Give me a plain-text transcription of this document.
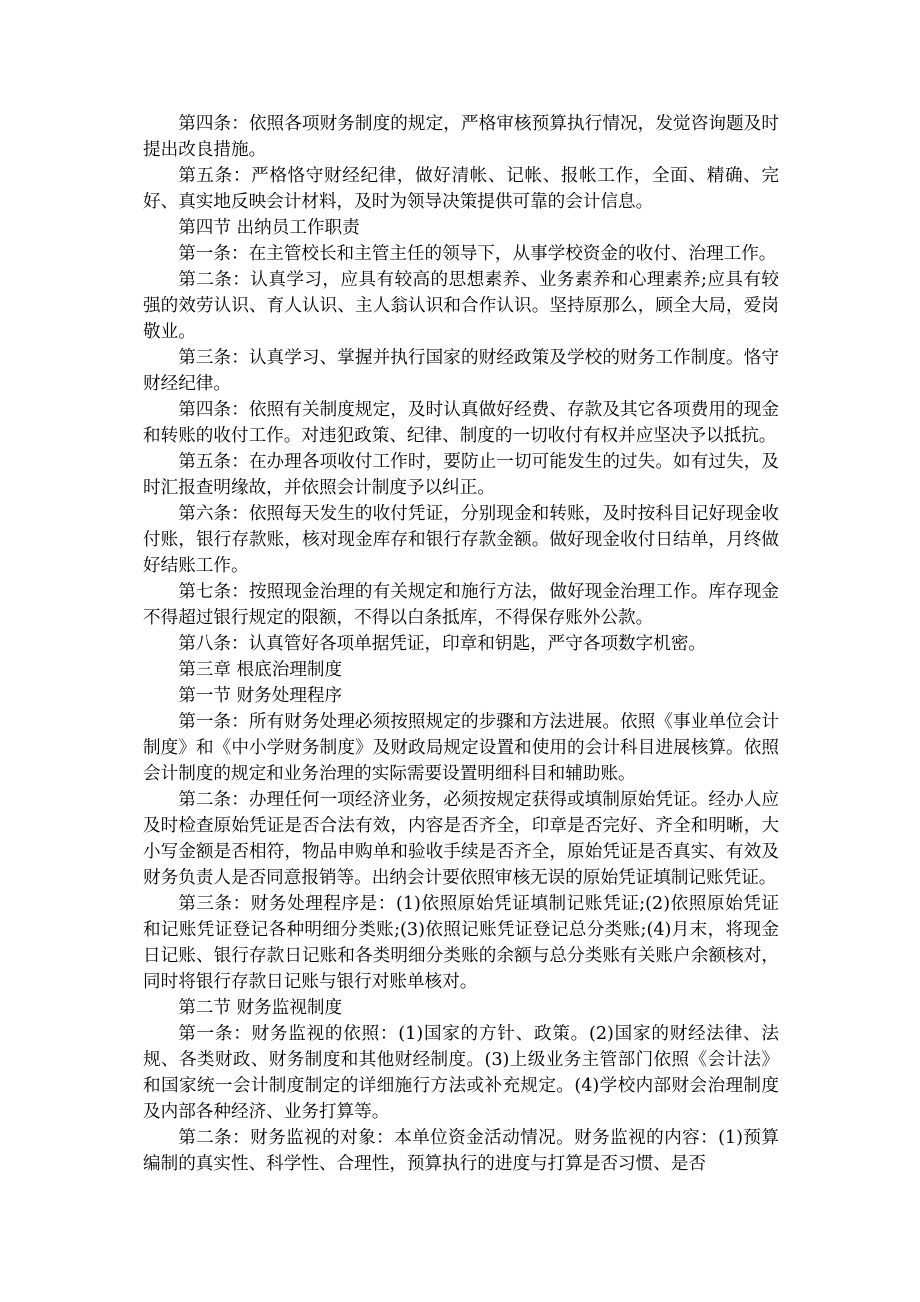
第四条：依照各项财务制度的规定，严格审核预算执行情况，发觉咨询题及时提出改良措施。

第五条：严格恪守财经纪律，做好清帐、记帐、报帐工作，全面、精确、完好、真实地反映会计材料，及时为领导决策提供可靠的会计信息。

第四节 出纳员工作职责

第一条：在主管校长和主管主任的领导下，从事学校资金的收付、治理工作。

第二条：认真学习，应具有较高的思想素养、业务素养和心理素养;应具有较强的效劳认识、育人认识、主人翁认识和合作认识。坚持原那么，顾全大局，爱岗敬业。

第三条：认真学习、掌握并执行国家的财经政策及学校的财务工作制度。恪守财经纪律。

第四条：依照有关制度规定，及时认真做好经费、存款及其它各项费用的现金和转账的收付工作。对违犯政策、纪律、制度的一切收付有权并应坚决予以抵抗。

第五条：在办理各项收付工作时，要防止一切可能发生的过失。如有过失，及时汇报查明缘故，并依照会计制度予以纠正。

第六条：依照每天发生的收付凭证，分别现金和转账，及时按科目记好现金收付账，银行存款账，核对现金库存和银行存款金额。做好现金收付日结单，月终做好结账工作。

第七条：按照现金治理的有关规定和施行方法，做好现金治理工作。库存现金不得超过银行规定的限额，不得以白条抵库，不得保存账外公款。

第八条：认真管好各项单据凭证，印章和钥匙，严守各项数字机密。

第三章 根底治理制度

第一节 财务处理程序

第一条：所有财务处理必须按照规定的步骤和方法进展。依照《事业单位会计制度》和《中小学财务制度》及财政局规定设置和使用的会计科目进展核算。依照会计制度的规定和业务治理的实际需要设置明细科目和辅助账。

第二条：办理任何一项经济业务，必须按规定获得或填制原始凭证。经办人应及时检查原始凭证是否合法有效，内容是否齐全，印章是否完好、齐全和明晰，大小写金额是否相符，物品申购单和验收手续是否齐全，原始凭证是否真实、有效及财务负责人是否同意报销等。出纳会计要依照审核无误的原始凭证填制记账凭证。

第三条：财务处理程序是：(1)依照原始凭证填制记账凭证;(2)依照原始凭证和记账凭证登记各种明细分类账;(3)依照记账凭证登记总分类账;(4)月末，将现金日记账、银行存款日记账和各类明细分类账的余额与总分类账有关账户余额核对，同时将银行存款日记账与银行对账单核对。

第二节 财务监视制度

第一条：财务监视的依照：(1)国家的方针、政策。(2)国家的财经法律、法规、各类财政、财务制度和其他财经制度。(3)上级业务主管部门依照《会计法》和国家统一会计制度制定的详细施行方法或补充规定。(4)学校内部财会治理制度及内部各种经济、业务打算等。

第二条：财务监视的对象：本单位资金活动情况。财务监视的内容：(1)预算编制的真实性、科学性、合理性，预算执行的进度与打算是否习惯、是否
